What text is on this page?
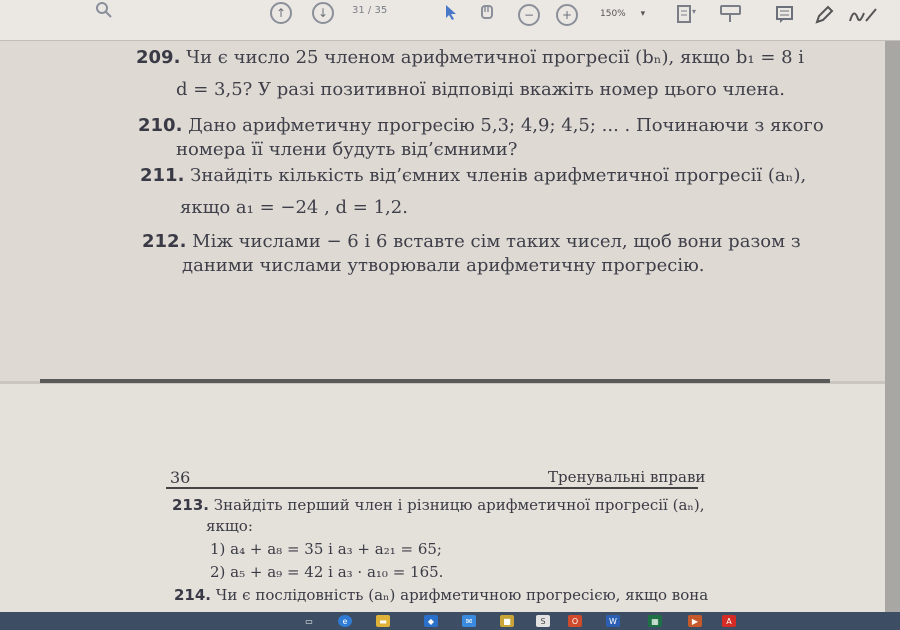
↑	↓	31 / 35	−	+	150% ▾	▾
209. Чи є число 25 членом арифметичної прогресії (bₙ), якщо b₁ = 8 і
d = 3,5? У разі позитивної відповіді вкажіть номер цього члена.
210. Дано арифметичну прогресію 5,3; 4,9; 4,5; ... . Починаючи з якого
номера її члени будуть від’ємними?
211. Знайдіть кількість від’ємних членів арифметичної прогресії (aₙ),
якщо a₁ = −24 , d = 1,2.
212. Між числами − 6 і 6 вставте сім таких чисел, щоб вони разом з
даними числами утворювали арифметичну прогресію.
36	Тренувальні вправи
213. Знайдіть перший член і різницю арифметичної прогресії (aₙ),
якщо:
1) a₄ + a₈ = 35 і a₃ + a₂₁ = 65;
2) a₅ + a₉ = 42 і a₃ · a₁₀ = 165.
214. Чи є послідовність (aₙ) арифметичною прогресією, якщо вона
▭	e	▬	◆	✉	■	S	O	W	▦	▶	A
